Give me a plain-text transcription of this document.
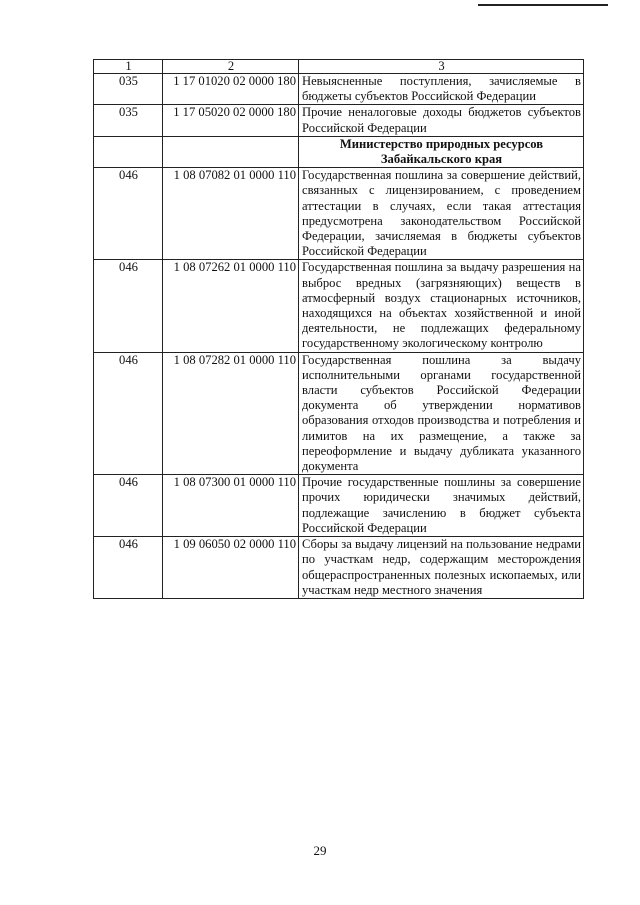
1	2	3
035	1 17 01020 02 0000 180	Невыясненные поступления, зачисляемые в бюджеты субъектов Российской Федерации
035	1 17 05020 02 0000 180	Прочие неналоговые доходы бюджетов субъектов Российской Федерации
		Министерство природных ресурсов Забайкальского края
046	1 08 07082 01 0000 110	Государственная пошлина за совершение действий, связанных с лицензированием, с проведением аттестации в случаях, если такая аттестация предусмотрена законодательством Российской Федерации, зачисляемая в бюджеты субъектов Российской Федерации
046	1 08 07262 01 0000 110	Государственная пошлина за выдачу разрешения на выброс вредных (загрязняющих) веществ в атмосферный воздух стационарных источников, находящихся на объектах хозяйственной и иной деятельности, не подлежащих федеральному государственному экологическому контролю
046	1 08 07282 01 0000 110	Государственная пошлина за выдачу исполнительными органами государственной власти субъектов Российской Федерации документа об утверждении нормативов образования отходов производства и потребления и лимитов на их размещение, а также за переоформление и выдачу дубликата указанного документа
046	1 08 07300 01 0000 110	Прочие государственные пошлины за совершение прочих юридически значимых действий, подлежащие зачислению в бюджет субъекта Российской Федерации
046	1 09 06050 02 0000 110	Сборы за выдачу лицензий на пользование недрами по участкам недр, содержащим месторождения общераспространенных полезных ископаемых, или участкам недр местного значения
29
